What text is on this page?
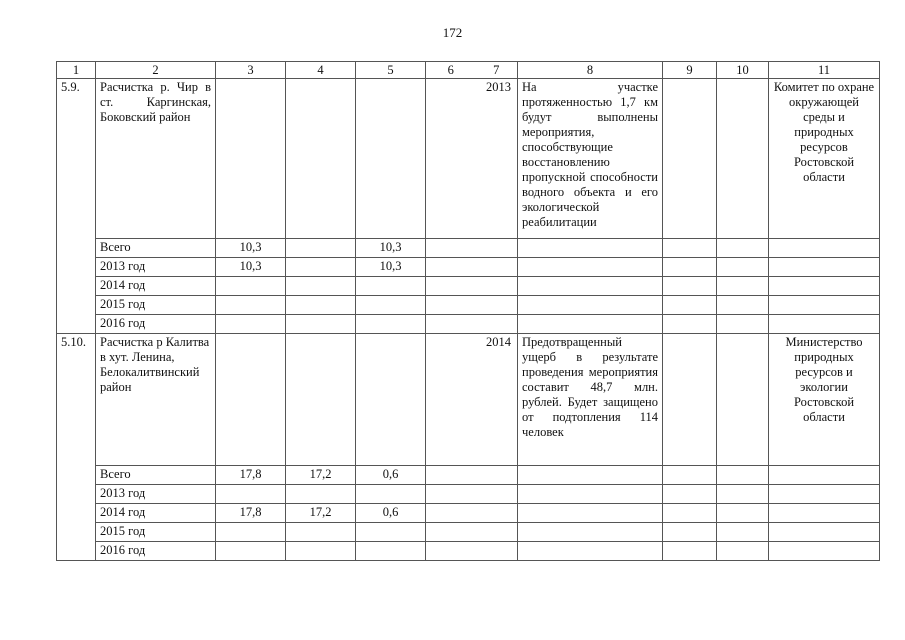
172
1	2	3	4	5	6	7	8	9	10	11
5.9.	Расчистка р. Чир в ст. Каргинская, Боковский район					2013	На участке протяженностью 1,7 км будут выполнены мероприятия, способствующие восстановлению пропускной способности водного объекта и его экологической реабилитации			Комитет по охране окружающей среды и природных ресурсов Ростовской области
	Всего	10,3		10,3						
	2013 год	10,3		10,3						
	2014 год									
	2015 год									
	2016 год									
5.10.	Расчистка р Калитва в хут. Ленина, Белокалитвинский район					2014	Предотвращенный ущерб в результате проведения мероприятия составит 48,7 млн. рублей. Будет защищено от подтопления 114 человек			Министерство природных ресурсов и экологии Ростовской области
	Всего	17,8	17,2	0,6						
	2013 год									
	2014 год	17,8	17,2	0,6						
	2015 год									
	2016 год									
